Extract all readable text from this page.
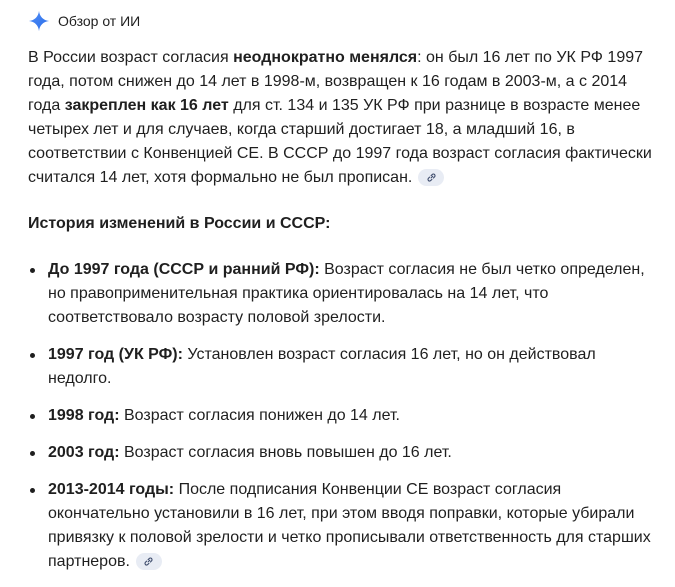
Обзор от ИИ

В России возраст согласия неоднократно менялся: он был 16 лет по УК РФ 1997 года, потом снижен до 14 лет в 1998-м, возвращен к 16 годам в 2003-м, а с 2014 года закреплен как 16 лет для ст. 134 и 135 УК РФ при разнице в возрасте менее четырех лет и для случаев, когда старший достигает 18, а младший 16, в соответствии с Конвенцией СЕ. В СССР до 1997 года возраст согласия фактически считался 14 лет, хотя формально не был прописан.

История изменений в России и СССР:
До 1997 года (СССР и ранний РФ): Возраст согласия не был четко определен, но правоприменительная практика ориентировалась на 14 лет, что соответствовало возрасту половой зрелости.
1997 год (УК РФ): Установлен возраст согласия 16 лет, но он действовал недолго.
1998 год: Возраст согласия понижен до 14 лет.
2003 год: Возраст согласия вновь повышен до 16 лет.
2013-2014 годы: После подписания Конвенции СЕ возраст согласия окончательно установили в 16 лет, при этом вводя поправки, которые убирали привязку к половой зрелости и четко прописывали ответственность для старших партнеров.
